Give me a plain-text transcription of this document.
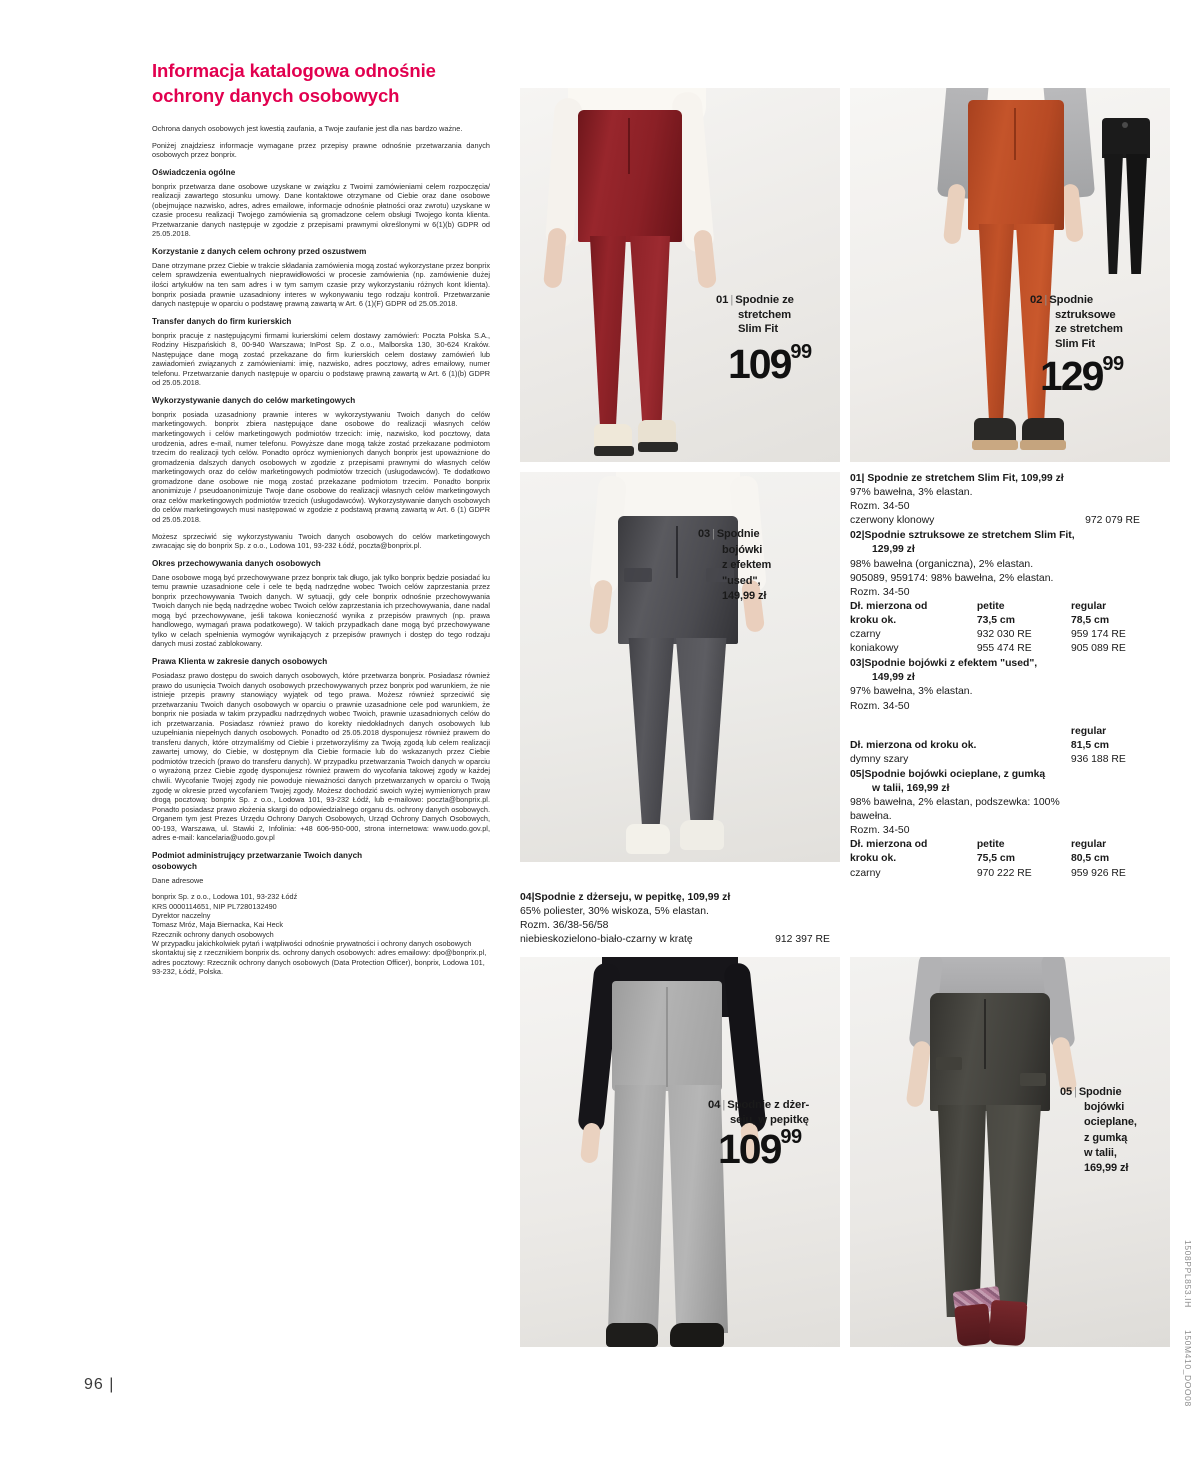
Informacja katalogowa odnośnie
ochrony danych osobowych

Ochrona danych osobowych jest kwestią zaufania, a Twoje zaufanie jest dla nas bardzo ważne.

Poniżej znajdziesz informacje wymagane przez przepisy prawne odnośnie przetwarzania danych osobowych przez bonprix.

Oświadczenia ogólne

bonprix przetwarza dane osobowe uzyskane w związku z Twoimi zamówieniami celem rozpoczęcia/ realizacji zawartego stosunku umowy. Dane kontaktowe otrzymane od Ciebie oraz dane osobowe (obejmujące nazwisko, adres, adres emailowe, informacje odnośnie płatności oraz zwrotu) uzyskane w czasie procesu realizacji Twojego zamówienia są gromadzone celem obsługi Twojego konta klienta. Przetwarzanie danych następuje w zgodzie z przepisami prawnymi określonymi w 6(1)(b) GDPR od 25.05.2018.

Korzystanie z danych celem ochrony przed oszustwem

Dane otrzymane przez Ciebie w trakcie składania zamówienia mogą zostać wykorzystane przez bonprix celem sprawdzenia ewentualnych nieprawidłowości w procesie zamówienia (np. zamówienie dużej ilości artykułów na ten sam adres i w tym samym czasie przy wykorzystaniu różnych kont klienta). bonprix posiada prawnie uzasadniony interes w wykonywaniu tego rodzaju kontroli. Przetwarzanie danych następuje w oparciu o podstawę prawną zawartą w Art. 6 (1)(F) GDPR od 25.05.2018.

Transfer danych do firm kurierskich

bonprix pracuje z następującymi firmami kurierskimi celem dostawy zamówień: Poczta Polska S.A., Rodziny Hiszpańskich 8, 00-940 Warszawa; InPost Sp. Z o.o., Malborska 130, 30-624 Kraków. Następujące dane mogą zostać przekazane do firm kurierskich celem dostawy zamówień lub zawiadomień związanych z zamówieniami: imię, nazwisko, adres pocztowy, adres emailowy, numer telefonu. Przetwarzanie danych następuje w oparciu o podstawę prawną zawartą w Art. 6 (1)(b) GDPR od 25.05.2018.

Wykorzystywanie danych do celów marketingowych

bonprix posiada uzasadniony prawnie interes w wykorzystywaniu Twoich danych do celów marketingowych. bonprix zbiera następujące dane osobowe do realizacji własnych celów marketingowych i celów marketingowych podmiotów trzecich: imię, nazwisko, kod pocztowy, data urodzenia, adres e-mail, numer telefonu. Powyższe dane mogą także zostać przekazane podmiotom trzecim do realizacji tych celów. Ponadto oprócz wymienionych danych bonprix jest upoważnione do gromadzenia dalszych danych osobowych w zgodzie z przepisami prawnymi do własnych celów marketingowych oraz do celów marketingowych podmiotów trzecich (usługodawców). Te dodatkowo gromadzone dane osobowe nie mogą zostać przekazane podmiotom trzecim. Ponadto bonprix anonimizuje / pseudoanonimizuje Twoje dane osobowe do realizacji własnych celów marketingowych oraz celów marketingowych podmiotów trzecich (usługodawców). Wykorzystywanie danych osobowych do celów marketingowych musi następować w zgodzie z podstawą prawną zawartą w Art. 6 (1) GDPR od 25.05.2018.

Możesz sprzeciwić się wykorzystywaniu Twoich danych osobowych do celów marketingowych zwracając się do bonprix Sp. z o.o., Lodowa 101, 93-232 Łódź, poczta@bonprix.pl.

Okres przechowywania danych osobowych

Dane osobowe mogą być przechowywane przez bonprix tak długo, jak tylko bonprix będzie posiadać ku temu prawnie uzasadnione cele i cele te będą nadrzędne wobec Twoich celów zaprzestania przez bonprix przechowywania Twoich danych. W sytuacji, gdy cele bonprix odnośnie przechowywania Twoich danych nie będą nadrzędne wobec Twoich celów zaprzestania ich przechowywania, dane nadal mogą być przechowywane, jeśli takowa konieczność wynika z przepisów prawnych (np. prawa handlowego, wymagań prawa podatkowego). W takich przypadkach dane mogą być przechowywane tylko w celach spełnienia wymogów wynikających z przepisów prawnych i dostęp do tego rodzaju danych musi zostać zablokowany.

Prawa Klienta w zakresie danych osobowych

Posiadasz prawo dostępu do swoich danych osobowych, które przetwarza bonprix. Posiadasz również prawo do usunięcia Twoich danych osobowych przechowywanych przez bonprix pod warunkiem, że nie istnieje przepis prawny stanowiący wyjątek od tego prawa. Możesz również sprzeciwić się przetwarzaniu Twoich danych osobowych w oparciu o prawnie uzasadnione cele pod warunkiem, że bonprix nie posiada w takim przypadku nadrzędnych wobec Twoich, prawnie uzasadnionych celów do ich przetwarzania. Posiadasz również prawo do korekty niedokładnych danych osobowych lub uzupełniania niepełnych danych osobowych. Ponadto od 25.05.2018 dysponujesz również prawem do transferu danych, które otrzymaliśmy od Ciebie i przetworzyliśmy za Twoją zgodą lub celem realizacji zawartej umowy, do Ciebie, w dostępnym dla Ciebie formacie lub do wskazanych przez Ciebie podmiotów trzecich (prawo do transferu danych). W przypadku przetwarzania Twoich danych w oparciu o wyrażoną przez Ciebie zgodę dysponujesz również prawem do wycofania takowej zgody w każdej chwili. Wycofanie Twojej zgody nie powoduje nieważności danych przetwarzanych w oparciu o Twoją zgodę w okresie przed wycofaniem Twojej zgody. Możesz dochodzić swoich wyżej wymienionych praw drogą pocztową: bonprix Sp. z o.o., Lodowa 101, 93-232 Łódź, lub e-mailowo: poczta@bonprix.pl. Ponadto posiadasz prawo złożenia skargi do odpowiedzialnego organu ds. ochrony danych osobowych. Organem tym jest Prezes Urzędu Ochrony Danych Osobowych, Urząd Ochrony Danych Osobowych, 00-193, Warszawa, ul. Stawki 2, Infolinia: +48 606-950-000, strona internetowa: www.uodo.gov.pl, adres e-mail: kancelaria@uodo.gov.pl

Podmiot administrujący przetwarzanie Twoich danych
osobowych

Dane adresowe

bonprix Sp. z o.o., Lodowa 101, 93-232 Łódź

KRS 0000114651, NIP PL7280132490

Dyrektor naczelny

Tomasz Mróz, Maja Biernacka, Kai Heck

Rzecznik ochrony danych osobowych

W przypadku jakichkolwiek pytań i wątpliwości odnośnie prywatności i ochrony danych osobowych skontaktuj się z rzecznikiem bonprix ds. ochrony danych osobowych: adres emailowy: dpo@bonprix.pl, adres pocztowy: Rzecznik ochrony danych osobowych (Data Protection Officer), bonprix, Lodowa 101, 93-232, Łódź, Polska.

96 |
01 | Spodnie ze
stretchem
Slim Fit
10999
02 | Spodnie
sztruksowe
ze stretchem
Slim Fit
12999
03 | Spodnie
bojówki
z efektem
"used",
149,99 zł
01| Spodnie ze stretchem Slim Fit, 109,99 zł
97% bawełna, 3% elastan.
Rozm. 34-50
czerwony klonowy	972 079 RE
02|Spodnie sztruksowe ze stretchem Slim Fit,
129,99 zł
98% bawełna (organiczna), 2% elastan.
905089, 959174: 98% bawełna, 2% elastan.
Rozm. 34-50
Dł. mierzona od	petite	regular
kroku ok.	73,5 cm	78,5 cm
czarny	932 030 RE	959 174 RE
koniakowy	955 474 RE	905 089 RE
03|Spodnie bojówki z efektem "used",
149,99 zł
97% bawełna, 3% elastan.
Rozm. 34-50
regular
Dł. mierzona od kroku ok.	81,5 cm
dymny szary	936 188 RE
05|Spodnie bojówki ocieplane, z gumką
w talii, 169,99 zł
98% bawełna, 2% elastan, podszewka: 100%
bawełna.
Rozm. 34-50
Dł. mierzona od	petite	regular
kroku ok.	75,5 cm	80,5 cm
czarny	970 222 RE	959 926 RE
04|Spodnie z dżerseju, w pepitkę, 109,99 zł
65% poliester, 30% wiskoza, 5% elastan.
Rozm. 36/38-56/58
niebieskozielono-biało-czarny w kratę	912 397 RE
04 | Spodnie z dżer-
seju, w pepitkę
10999
05 | Spodnie
bojówki
ocieplane,
z gumką
w talii,
169,99 zł
1508PPL853.IH
150M410_DOO08
